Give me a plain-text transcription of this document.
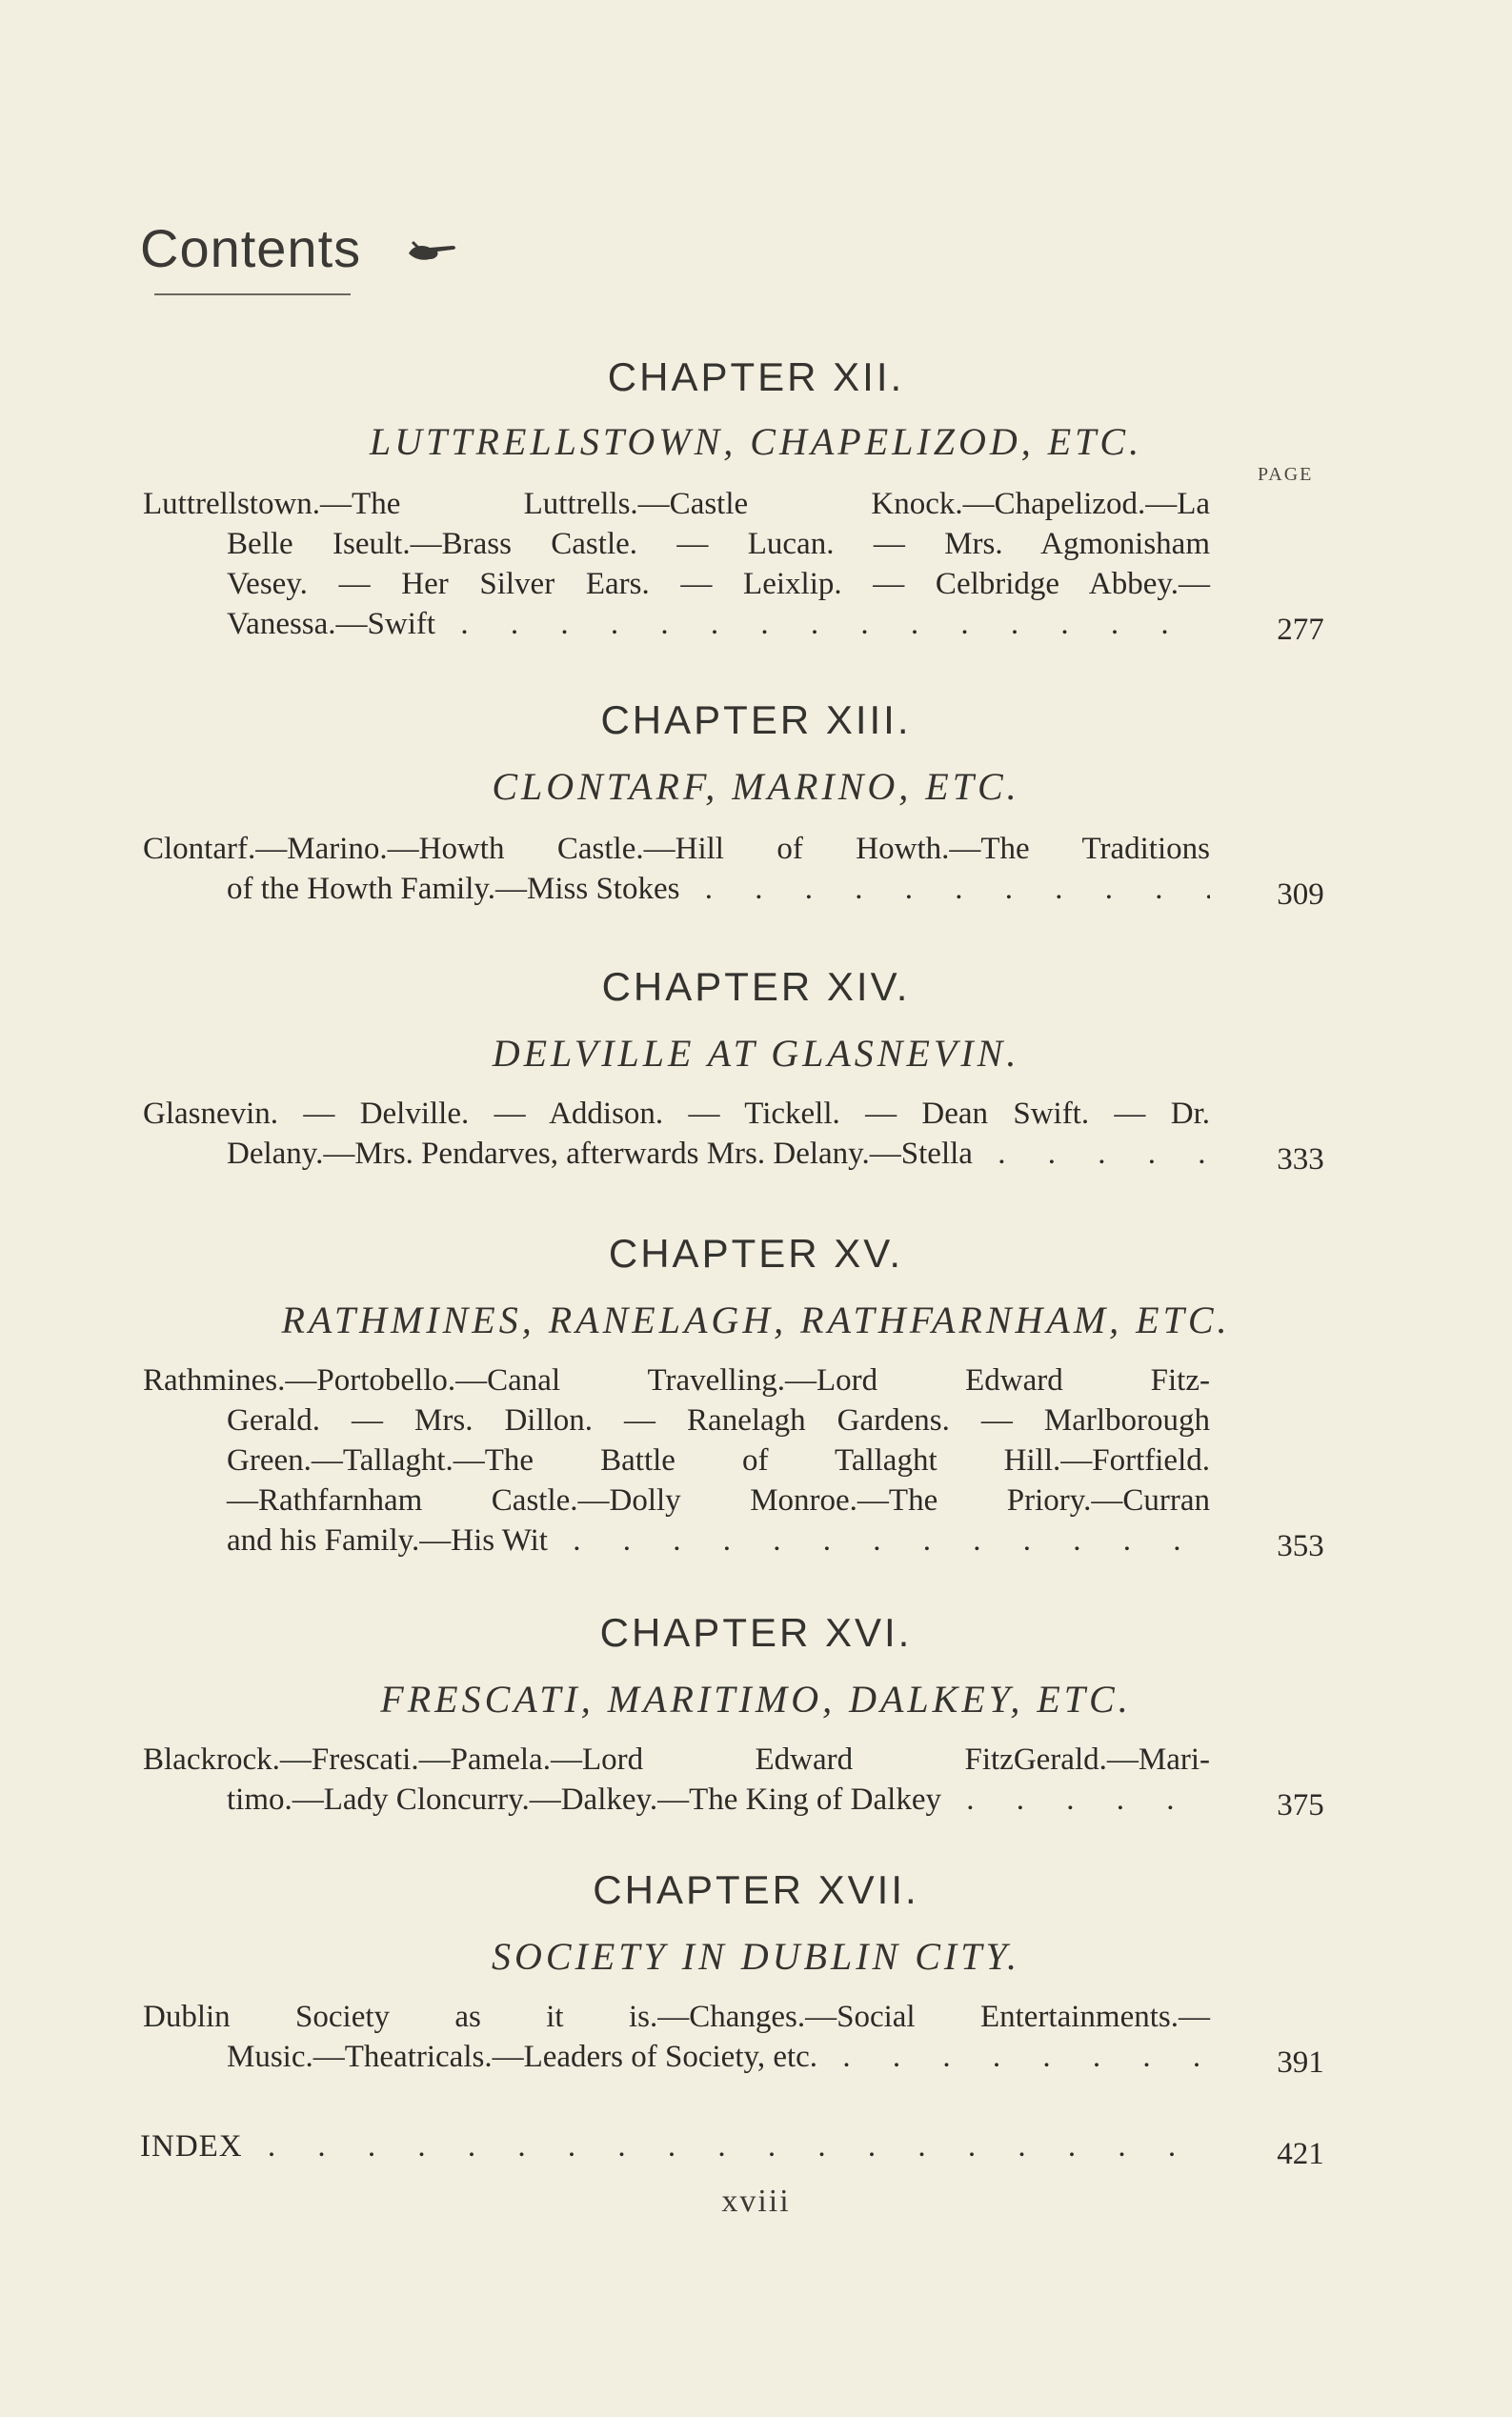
Contents
PAGE
CHAPTER XII.
LUTTRELLSTOWN, CHAPELIZOD, ETC.
Luttrellstown.—The Luttrells.—Castle Knock.—Chapelizod.—La
Belle Iseult.—Brass Castle. — Lucan. — Mrs. Agmonisham
Vesey. — Her Silver Ears. — Leixlip. — Celbridge Abbey.—
Vanessa.—Swift . . .	277
CHAPTER XIII.
CLONTARF, MARINO, ETC.
Clontarf.—Marino.—Howth Castle.—Hill of Howth.—The Traditions
of the Howth Family.—Miss Stokes . . .	309
CHAPTER XIV.
DELVILLE AT GLASNEVIN.
Glasnevin. — Delville. — Addison. — Tickell. — Dean Swift. — Dr.
Delany.—Mrs. Pendarves, afterwards Mrs. Delany.—Stella . . .	333
CHAPTER XV.
RATHMINES, RANELAGH, RATHFARNHAM, ETC.
Rathmines.—Portobello.—Canal Travelling.—Lord Edward Fitz-
Gerald. — Mrs. Dillon. — Ranelagh Gardens. — Marlborough
Green.—Tallaght.—The Battle of Tallaght Hill.—Fortfield.
—Rathfarnham Castle.—Dolly Monroe.—The Priory.—Curran
and his Family.—His Wit . . .	353
CHAPTER XVI.
FRESCATI, MARITIMO, DALKEY, ETC.
Blackrock.—Frescati.—Pamela.—Lord Edward FitzGerald.—Mari-
timo.—Lady Cloncurry.—Dalkey.—The King of Dalkey . . .	375
CHAPTER XVII.
SOCIETY IN DUBLIN CITY.
Dublin Society as it is.—Changes.—Social Entertainments.—
Music.—Theatricals.—Leaders of Society, etc. . . .	391
INDEX . . .	421
xviii
